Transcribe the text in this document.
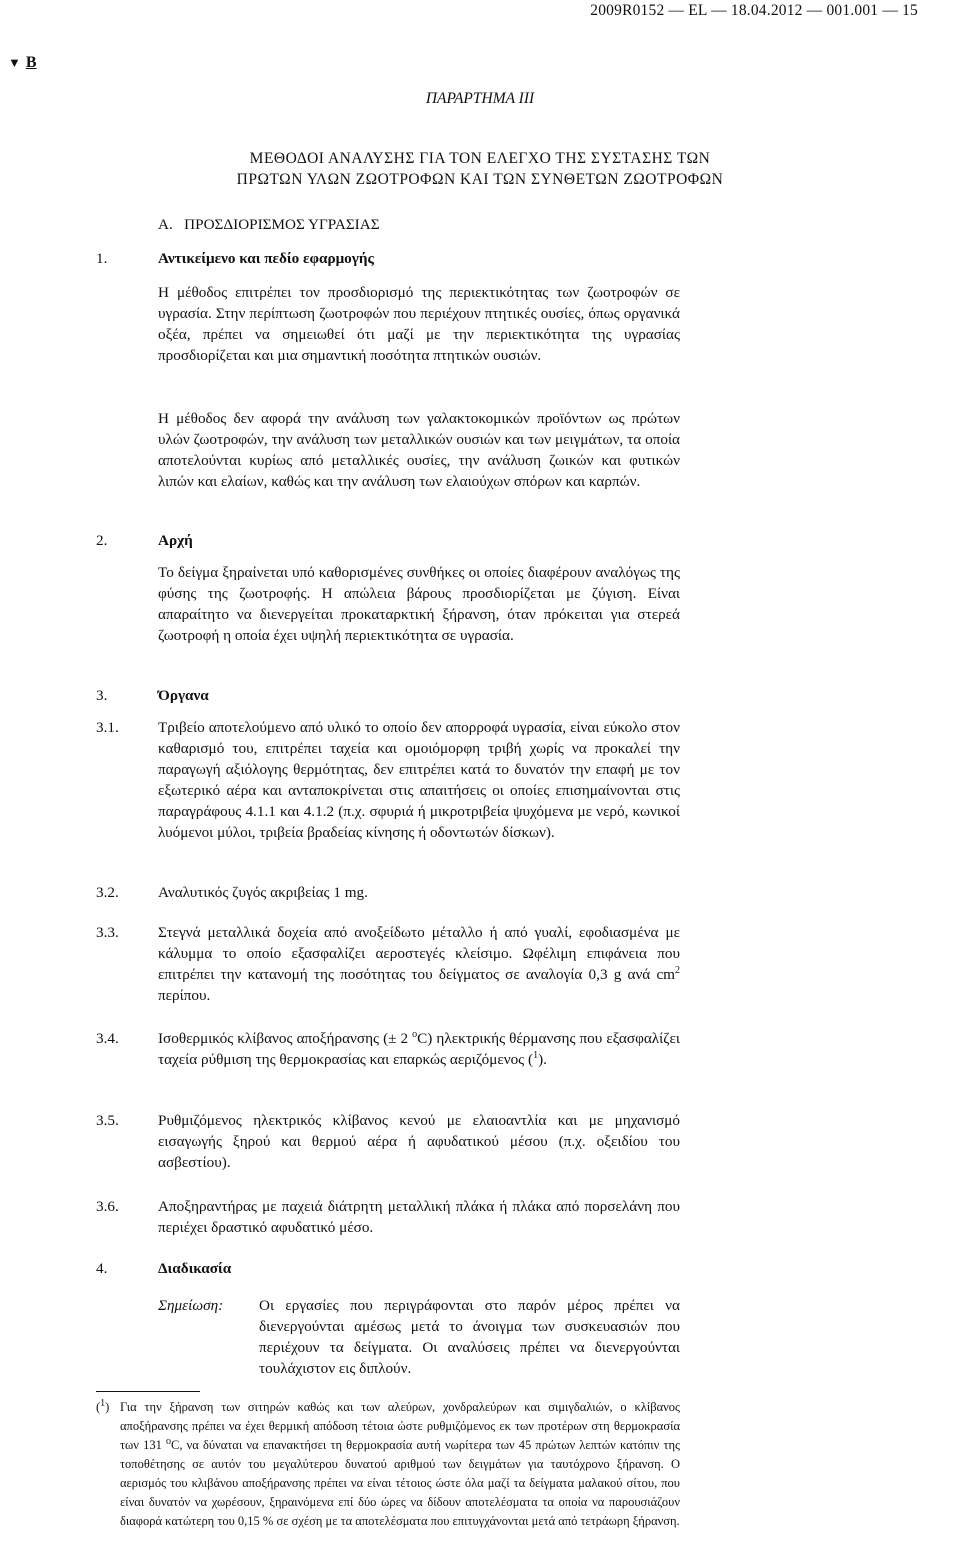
2009R0152 — EL — 18.04.2012 — 001.001 — 15
▼ B
ΠΑΡΑΡΤΗΜΑ III
ΜΕΘΟΔΟΙ ΑΝΑΛΥΣΗΣ ΓΙΑ ΤΟΝ ΕΛΕΓΧΟ ΤΗΣ ΣΥΣΤΑΣΗΣ ΤΩΝ
ΠΡΩΤΩΝ ΥΛΩΝ ΖΩΟΤΡΟΦΩΝ ΚΑΙ ΤΩΝ ΣΥΝΘΕΤΩΝ ΖΩΟΤΡΟΦΩΝ
Α.   ΠΡΟΣΔΙΟΡΙΣΜΟΣ ΥΓΡΑΣΙΑΣ
1.	Αντικείμενο και πεδίο εφαρμογής
Η μέθοδος επιτρέπει τον προσδιορισμό της περιεκτικότητας των ζωοτροφών σε υγρασία. Στην περίπτωση ζωοτροφών που περιέχουν πτητικές ουσίες, όπως οργανικά οξέα, πρέπει να σημειωθεί ότι μαζί με την περιεκτικότητα της υγρασίας προσδιορίζεται και μια σημαντική ποσότητα πτητικών ουσιών.
Η μέθοδος δεν αφορά την ανάλυση των γαλακτοκομικών προϊόντων ως πρώτων υλών ζωοτροφών, την ανάλυση των μεταλλικών ουσιών και των μειγμάτων, τα οποία αποτελούνται κυρίως από μεταλλικές ουσίες, την ανάλυση ζωικών και φυτικών λιπών και ελαίων, καθώς και την ανάλυση των ελαιούχων σπόρων και καρπών.
2.	Αρχή
Το δείγμα ξηραίνεται υπό καθορισμένες συνθήκες οι οποίες διαφέρουν αναλόγως της φύσης της ζωοτροφής. Η απώλεια βάρους προσδιορίζεται με ζύγιση. Είναι απαραίτητο να διενεργείται προκαταρκτική ξήρανση, όταν πρόκειται για στερεά ζωοτροφή η οποία έχει υψηλή περιεκτικότητα σε υγρασία.
3.	Όργανα
3.1.	Τριβείο αποτελούμενο από υλικό το οποίο δεν απορροφά υγρασία, είναι εύκολο στον καθαρισμό του, επιτρέπει ταχεία και ομοιόμορφη τριβή χωρίς να προκαλεί την παραγωγή αξιόλογης θερμότητας, δεν επιτρέπει κατά το δυνατόν την επαφή με τον εξωτερικό αέρα και ανταποκρίνεται στις απαιτήσεις οι οποίες επισημαίνονται στις παραγράφους 4.1.1 και 4.1.2 (π.χ. σφυριά ή μικροτριβεία ψυχόμενα με νερό, κωνικοί λυόμενοι μύλοι, τριβεία βραδείας κίνησης ή οδοντωτών δίσκων).
3.2.	Αναλυτικός ζυγός ακριβείας 1 mg.
3.3.	Στεγνά μεταλλικά δοχεία από ανοξείδωτο μέταλλο ή από γυαλί, εφοδιασμένα με κάλυμμα το οποίο εξασφαλίζει αεροστεγές κλείσιμο. Ωφέλιμη επιφάνεια που επιτρέπει την κατανομή της ποσότητας του δείγματος σε αναλογία 0,3 g ανά $cm^2$ περίπου.
3.4.	Ισοθερμικός κλίβανος αποξήρανσης (± 2 $^o$C) ηλεκτρικής θέρμανσης που εξασφαλίζει ταχεία ρύθμιση της θερμοκρασίας και επαρκώς αεριζόμενος ($^1$).
3.5.	Ρυθμιζόμενος ηλεκτρικός κλίβανος κενού με ελαιοαντλία και με μηχανισμό εισαγωγής ξηρού και θερμού αέρα ή αφυδατικού μέσου (π.χ. οξειδίου του ασβεστίου).
3.6.	Αποξηραντήρας με παχειά διάτρητη μεταλλική πλάκα ή πλάκα από πορσελάνη που περιέχει δραστικό αφυδατικό μέσο.
4.	Διαδικασία
Σημείωση: Οι εργασίες που περιγράφονται στο παρόν μέρος πρέπει να διενεργούνται αμέσως μετά το άνοιγμα των συσκευασιών που περιέχουν τα δείγματα. Οι αναλύσεις πρέπει να διενεργούνται τουλάχιστον εις διπλούν.
($^1$) Για την ξήρανση των σιτηρών καθώς και των αλεύρων, χονδραλεύρων και σιμιγδαλιών, ο κλίβανος αποξήρανσης πρέπει να έχει θερμική απόδοση τέτοια ώστε ρυθμιζόμενος εκ των προτέρων στη θερμοκρασία των 131 $^o$C, να δύναται να επανακτήσει τη θερμοκρασία αυτή νωρίτερα των 45 πρώτων λεπτών κατόπιν της τοποθέτησης σε αυτόν του μεγαλύτερου δυνατού αριθμού των δειγμάτων για ταυτόχρονο ξήρανση. Ο αερισμός του κλιβάνου αποξήρανσης πρέπει να είναι τέτοιος ώστε όλα μαζί τα δείγματα μαλακού σίτου, που είναι δυνατόν να χωρέσουν, ξηραινόμενα επί δύο ώρες να δίδουν αποτελέσματα τα οποία να παρουσιάζουν διαφορά κατώτερη του 0,15 % σε σχέση με τα αποτελέσματα που επιτυγχάνονται μετά από τετράωρη ξήρανση.
